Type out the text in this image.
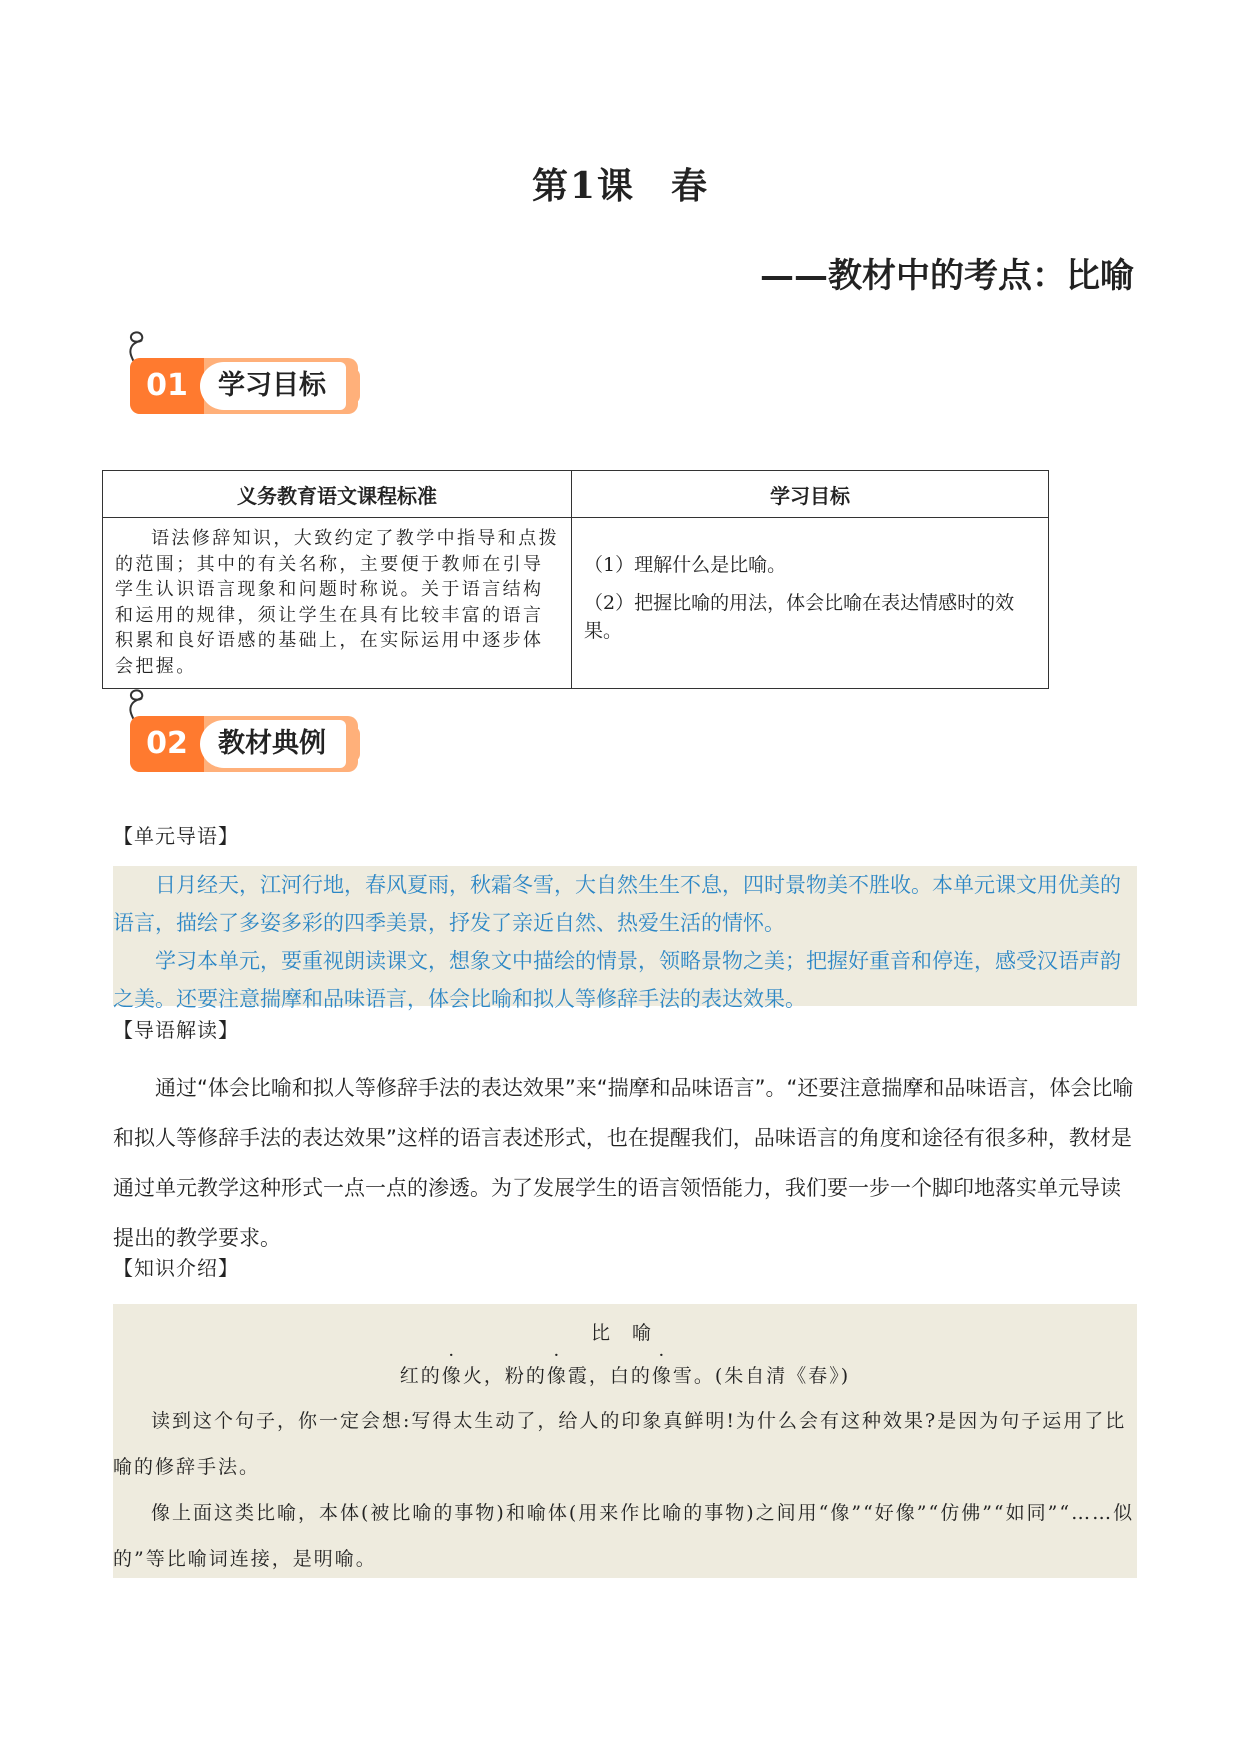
第1课 春
——教材中的考点：比喻
01	学习目标
义务教育语文课程标准	学习目标
语法修辞知识，大致约定了教学中指导和点拨的范围；其中的有关名称，主要便于教师在引导学生认识语言现象和问题时称说。关于语言结构和运用的规律，须让学生在具有比较丰富的语言积累和良好语感的基础上，在实际运用中逐步体会把握。	（1）理解什么是比喻。

（2）把握比喻的用法，体会比喻在表达情感时的效果。

02	教材典例
【单元导语】

日月经天，江河行地，春风夏雨，秋霜冬雪，大自然生生不息，四时景物美不胜收。本单元课文用优美的语言，描绘了多姿多彩的四季美景，抒发了亲近自然、热爱生活的情怀。

学习本单元，要重视朗读课文，想象文中描绘的情景，领略景物之美；把握好重音和停连，感受汉语声韵之美。还要注意揣摩和品味语言，体会比喻和拟人等修辞手法的表达效果。

【导语解读】

通过“体会比喻和拟人等修辞手法的表达效果”来“揣摩和品味语言”。“还要注意揣摩和品味语言，体会比喻和拟人等修辞手法的表达效果”这样的语言表述形式，也在提醒我们，品味语言的角度和途径有很多种，教材是通过单元教学这种形式一点一点的渗透。为了发展学生的语言领悟能力，我们要一步一个脚印地落实单元导读提出的教学要求。

【知识介绍】
比 喻
红的像火，粉的像霞，白的像雪。(朱自清《春》)

读到这个句子，你一定会想:写得太生动了，给人的印象真鲜明!为什么会有这种效果?是因为句子运用了比喻的修辞手法。

像上面这类比喻，本体(被比喻的事物)和喻体(用来作比喻的事物)之间用“像”“好像”“仿佛”“如同”“……似的”等比喻词连接，是明喻。
